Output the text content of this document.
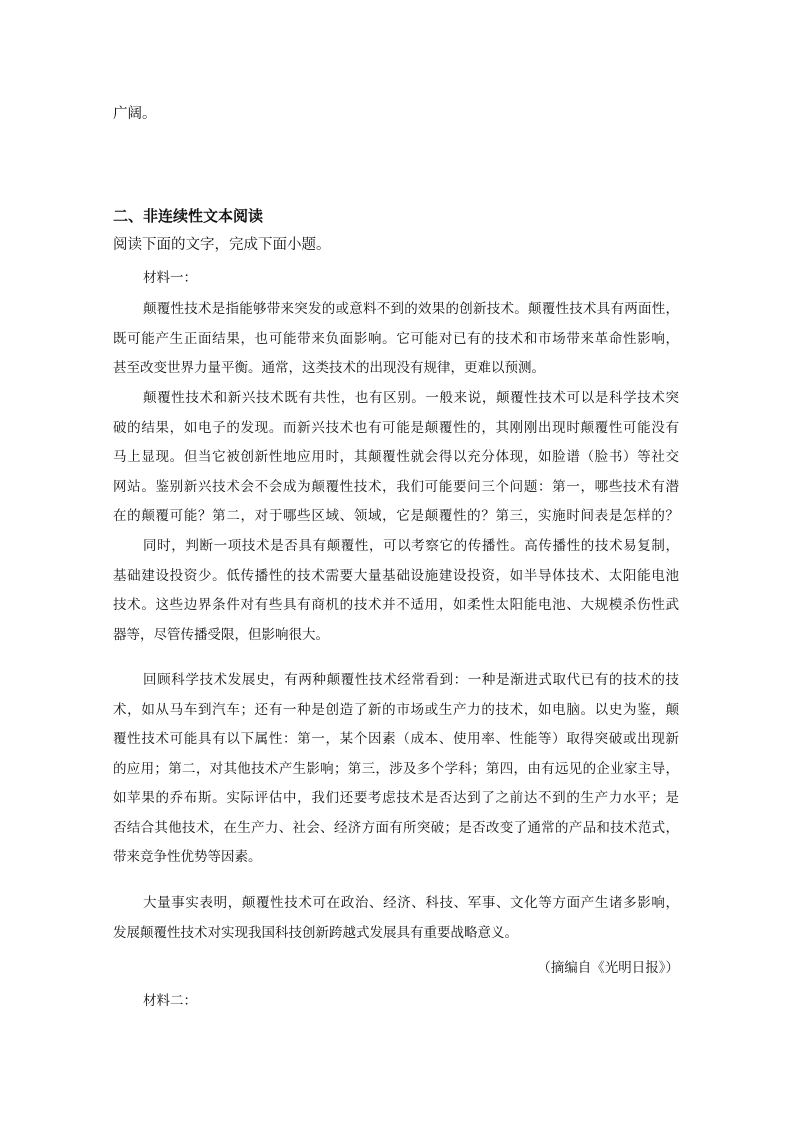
广阔。
二、非连续性文本阅读
阅读下面的文字，完成下面小题。
材料一：
颠覆性技术是指能够带来突发的或意料不到的效果的创新技术。颠覆性技术具有两面性，
既可能产生正面结果，也可能带来负面影响。它可能对已有的技术和市场带来革命性影响，
甚至改变世界力量平衡。通常，这类技术的出现没有规律，更难以预测。
颠覆性技术和新兴技术既有共性，也有区别。一般来说，颠覆性技术可以是科学技术突
破的结果，如电子的发现。而新兴技术也有可能是颠覆性的，其刚刚出现时颠覆性可能没有
马上显现。但当它被创新性地应用时，其颠覆性就会得以充分体现，如脸谱（脸书）等社交
网站。鉴别新兴技术会不会成为颠覆性技术，我们可能要问三个问题：第一，哪些技术有潜
在的颠覆可能？第二，对于哪些区域、领域，它是颠覆性的？第三，实施时间表是怎样的？
同时，判断一项技术是否具有颠覆性，可以考察它的传播性。高传播性的技术易复制，
基础建设投资少。低传播性的技术需要大量基础设施建设投资，如半导体技术、太阳能电池
技术。这些边界条件对有些具有商机的技术并不适用，如柔性太阳能电池、大规模杀伤性武
器等，尽管传播受限，但影响很大。
回顾科学技术发展史，有两种颠覆性技术经常看到：一种是渐进式取代已有的技术的技
术，如从马车到汽车；还有一种是创造了新的市场或生产力的技术，如电脑。以史为鉴，颠
覆性技术可能具有以下属性：第一，某个因素（成本、使用率、性能等）取得突破或出现新
的应用；第二，对其他技术产生影响；第三，涉及多个学科；第四，由有远见的企业家主导，
如苹果的乔布斯。实际评估中，我们还要考虑技术是否达到了之前达不到的生产力水平；是
否结合其他技术，在生产力、社会、经济方面有所突破；是否改变了通常的产品和技术范式，
带来竞争性优势等因素。
大量事实表明，颠覆性技术可在政治、经济、科技、军事、文化等方面产生诸多影响，
发展颠覆性技术对实现我国科技创新跨越式发展具有重要战略意义。
（摘编自《光明日报》）
材料二：
